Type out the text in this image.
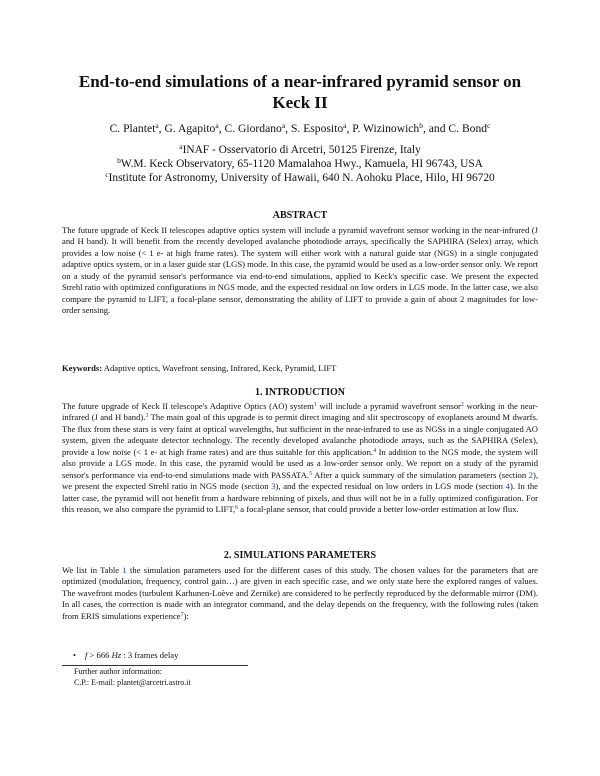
End-to-end simulations of a near-infrared pyramid sensor on Keck II
C. Plantet$^a$, G. Agapito$^a$, C. Giordano$^a$, S. Esposito$^a$, P. Wizinowich$^b$, and C. Bond$^c$
$^a$INAF - Osservatorio di Arcetri, 50125 Firenze, Italy
$^b$W.M. Keck Observatory, 65-1120 Mamalahoa Hwy., Kamuela, HI 96743, USA
$^c$Institute for Astronomy, University of Hawaii, 640 N. Aohoku Place, Hilo, HI 96720
ABSTRACT

The future upgrade of Keck II telescopes adaptive optics system will include a pyramid wavefront sensor working in the near-infrared (J and H band). It will benefit from the recently developed avalanche photodiode arrays, specifically the SAPHIRA (Selex) array, which provides a low noise (< 1 e- at high frame rates). The system will either work with a natural guide star (NGS) in a single conjugated adaptive optics system, or in a laser guide star (LGS) mode. In this case, the pyramid would be used as a low-order sensor only. We report on a study of the pyramid sensor's performance via end-to-end simulations, applied to Keck's specific case. We present the expected Strehl ratio with optimized configurations in NGS mode, and the expected residual on low orders in LGS mode. In the latter case, we also compare the pyramid to LIFT, a focal-plane sensor, demonstrating the ability of LIFT to provide a gain of about 2 magnitudes for low-order sensing.

Keywords: Adaptive optics, Wavefront sensing, Infrared, Keck, Pyramid, LIFT
1. INTRODUCTION

The future upgrade of Keck II telescope's Adaptive Optics (AO) system$^1$ will include a pyramid wavefront sensor$^2$ working in the near-infrared (J and H band).$^3$ The main goal of this upgrade is to permit direct imaging and slit spectroscopy of exoplanets around M dwarfs. The flux from these stars is very faint at optical wavelengths, but sufficient in the near-infrared to use as NGSs in a single conjugated AO system, given the adequate detector technology. The recently developed avalanche photodiode arrays, such as the SAPHIRA (Selex), provide a low noise (< 1 e- at high frame rates) and are thus suitable for this application.$^4$ In addition to the NGS mode, the system will also provide a LGS mode. In this case, the pyramid would be used as a low-order sensor only. We report on a study of the pyramid sensor's performance via end-to-end simulations made with PASSATA.$^5$ After a quick summary of the simulation parameters (section 2), we present the expected Strehl ratio in NGS mode (section 3), and the expected residual on low orders in LGS mode (section 4). In the latter case, the pyramid will not benefit from a hardware rebinning of pixels, and thus will not be in a fully optimized configuration. For this reason, we also compare the pyramid to LIFT,$^6$ a focal-plane sensor, that could provide a better low-order estimation at low flux.

2. SIMULATIONS PARAMETERS

We list in Table 1 the simulation parameters used for the different cases of this study. The chosen values for the parameters that are optimized (modulation, frequency, control gain…) are given in each specific case, and we only state here the explored ranges of values. The wavefront modes (turbulent Karhunen-Loève and Zernike) are considered to be perfectly reproduced by the deformable mirror (DM). In all cases, the correction is made with an integrator command, and the delay depends on the frequency, with the following rules (taken from ERIS simulations experience$^7$):

• f > 666 Hz : 3 frames delay
Further author information:
C.P.: E-mail: plantet@arcetri.astro.it
